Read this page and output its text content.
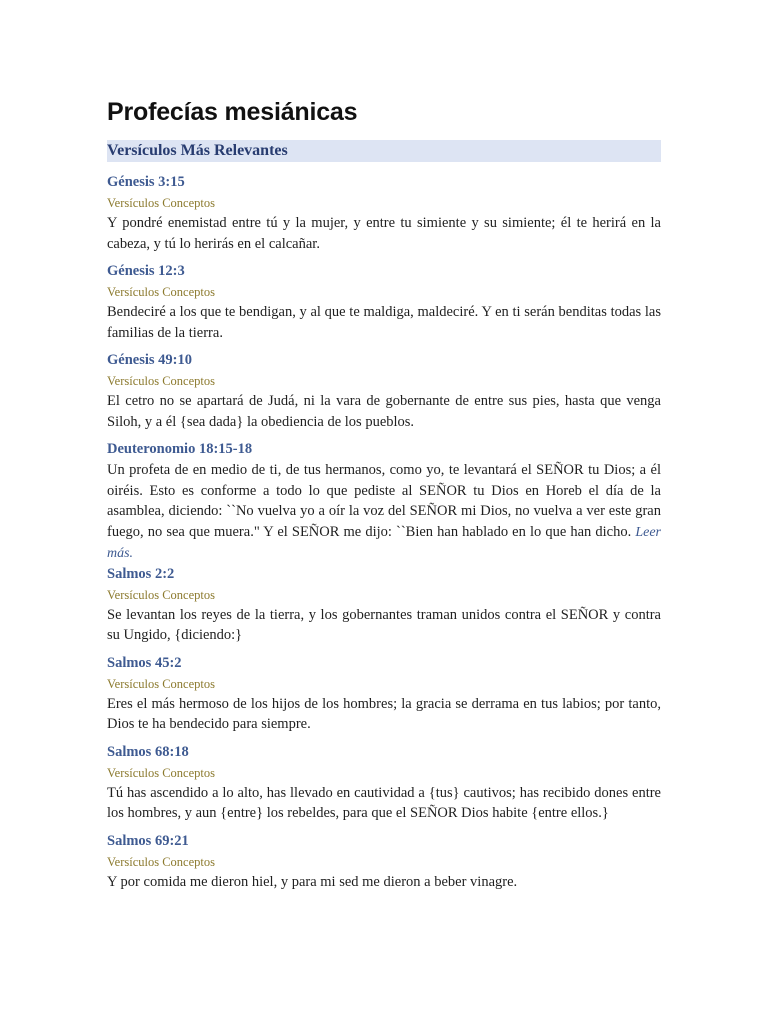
Profecías mesiánicas
Versículos Más Relevantes
Génesis 3:15
Versículos Conceptos
Y pondré enemistad entre tú y la mujer, y entre tu simiente y su simiente; él te herirá en la cabeza, y tú lo herirás en el calcañar.
Génesis 12:3
Versículos Conceptos
Bendeciré a los que te bendigan, y al que te maldiga, maldeciré. Y en ti serán benditas todas las familias de la tierra.
Génesis 49:10
Versículos Conceptos
El cetro no se apartará de Judá, ni la vara de gobernante de entre sus pies, hasta que venga Siloh, y a él {sea dada} la obediencia de los pueblos.
Deuteronomio 18:15-18
Un profeta de en medio de ti, de tus hermanos, como yo, te levantará el SEÑOR tu Dios; a él oiréis. Esto es conforme a todo lo que pediste al SEÑOR tu Dios en Horeb el día de la asamblea, diciendo: ``No vuelva yo a oír la voz del SEÑOR mi Dios, no vuelva a ver este gran fuego, no sea que muera." Y el SEÑOR me dijo: ``Bien han hablado en lo que han dicho. Leer más.
Salmos 2:2
Versículos Conceptos
Se levantan los reyes de la tierra, y los gobernantes traman unidos contra el SEÑOR y contra su Ungido, {diciendo:}
Salmos 45:2
Versículos Conceptos
Eres el más hermoso de los hijos de los hombres; la gracia se derrama en tus labios; por tanto, Dios te ha bendecido para siempre.
Salmos 68:18
Versículos Conceptos
Tú has ascendido a lo alto, has llevado en cautividad a {tus} cautivos; has recibido dones entre los hombres, y aun {entre} los rebeldes, para que el SEÑOR Dios habite {entre ellos.}
Salmos 69:21
Versículos Conceptos
Y por comida me dieron hiel, y para mi sed me dieron a beber vinagre.
